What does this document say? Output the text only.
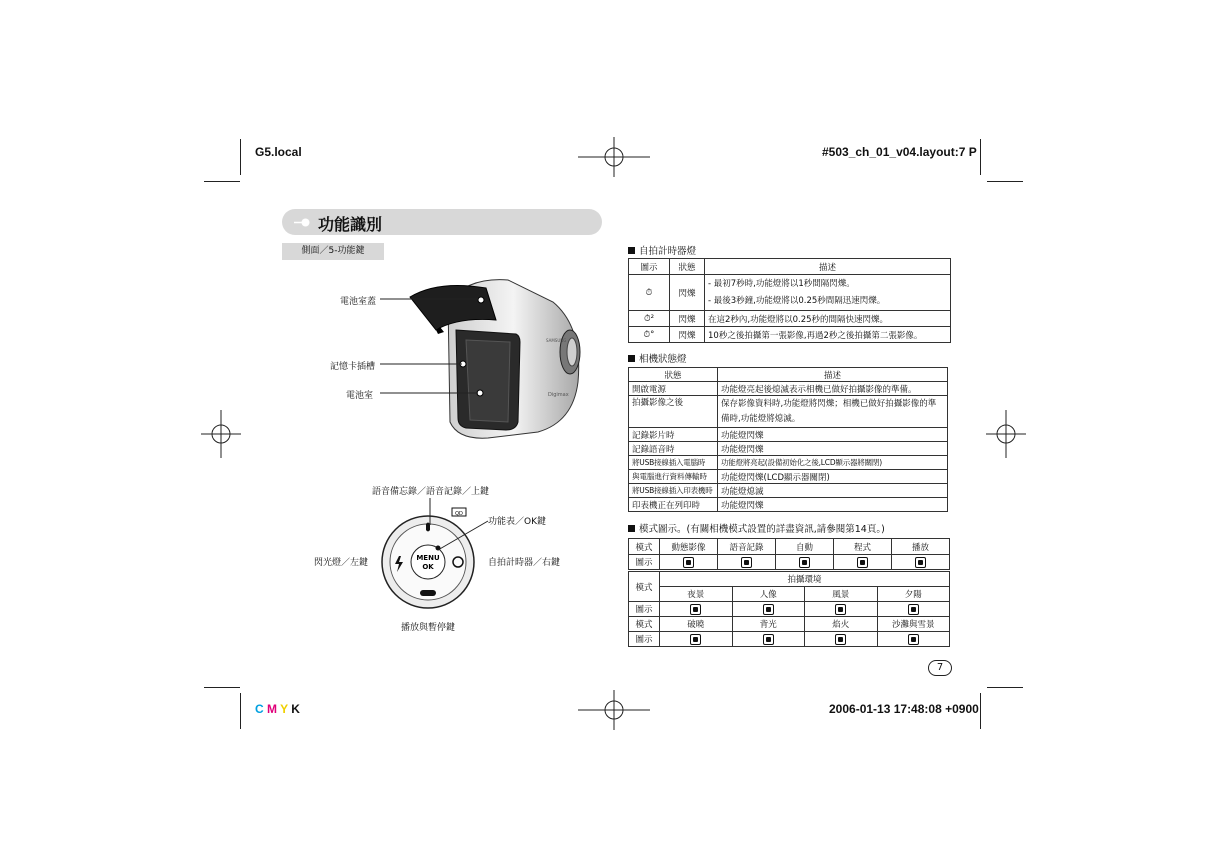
G5.local	#503_ch_01_v04.layout:7 P
C M Y K	2006-01-13 17:48:08 +0900
功能識別
側面／5-功能鍵
SAMSUNG
Digimax
電池室蓋
記憶卡插槽
電池室
MENU
OK
QD
語音備忘錄／語音記錄／上鍵
功能表／OK鍵
閃光燈／左鍵	自拍計時器／右鍵
播放與暫停鍵
自拍計時器燈
圖示	狀態	描述
⏱	閃爍	- 最初7秒時,功能燈將以1秒間隔閃爍。
- 最後3秒鐘,功能燈將以0.25秒間隔迅速閃爍。

⏱²	閃爍	在這2秒內,功能燈將以0.25秒的間隔快速閃爍。
⏱°	閃爍	10秒之後拍攝第一張影像,再過2秒之後拍攝第二張影像。
相機狀態燈
狀態	描述
開啟電源	功能燈亮起後熄滅表示相機已做好拍攝影像的準備。
拍攝影像之後	保存影像資料時,功能燈將閃爍；相機已做好拍攝影像的準備時,功能燈將熄滅。
記錄影片時	功能燈閃爍
記錄語音時	功能燈閃爍
將USB接線插入電腦時	功能燈將亮起(設備初始化之後,LCD顯示器將關閉)
與電腦進行資料傳輸時	功能燈閃爍(LCD顯示器關閉)
將USB接線插入印表機時	功能燈熄滅
印表機正在列印時	功能燈閃爍
模式圖示。(有關相機模式設置的詳盡資訊,請參閱第14頁。)
模式	動態影像	語音記錄	自動	程式	播放
圖示					
模式	拍攝環境			
	夜景	人像	風景	夕陽
圖示				
模式	破曉	背光	焰火	沙灘與雪景
圖示				
7
